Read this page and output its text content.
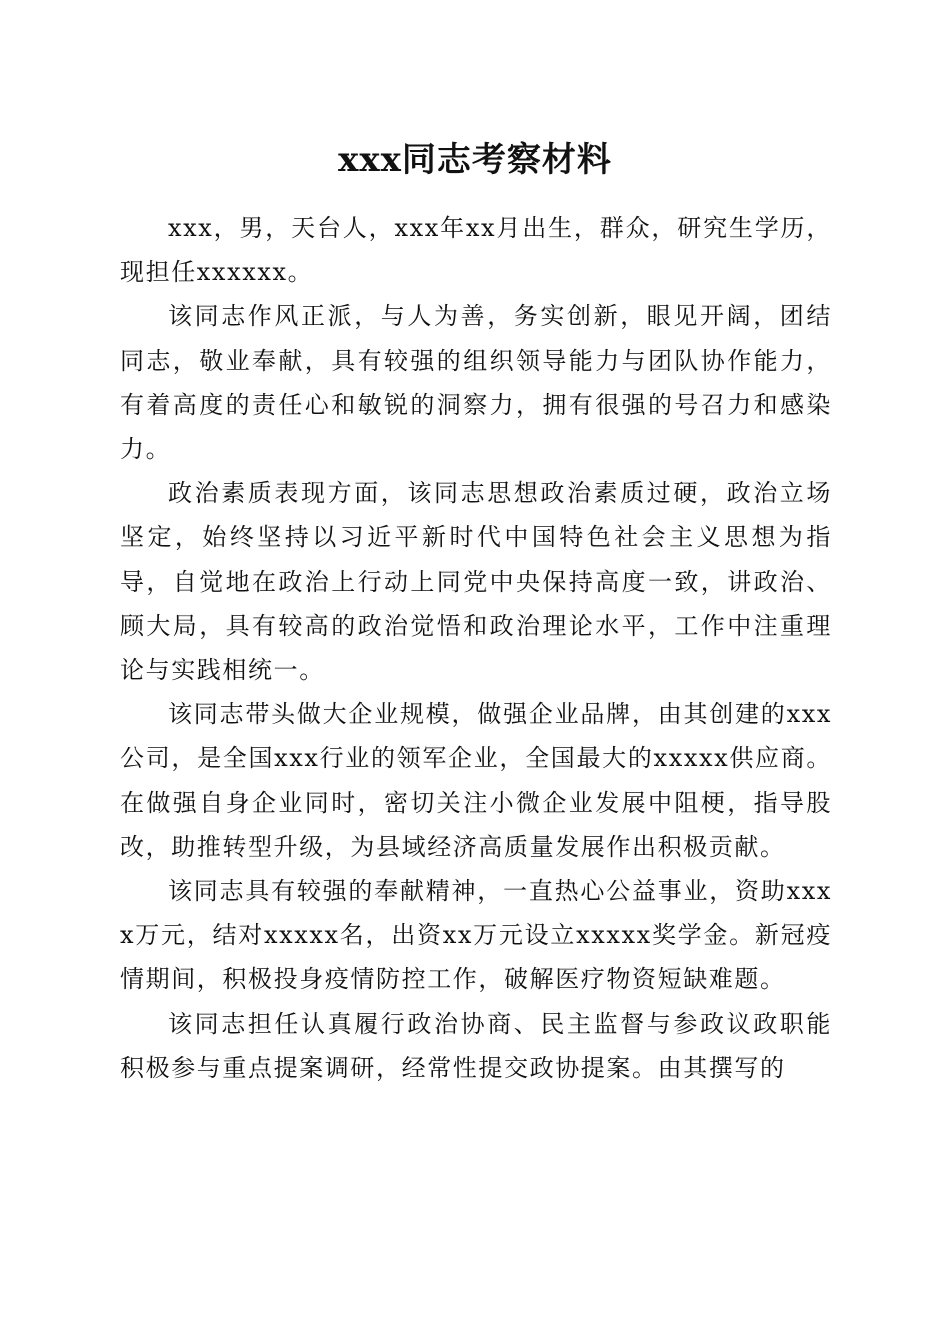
xxx同志考察材料

xxx，男，天台人，xxx年xx月出生，群众，研究生学历，现担任xxxxxx。

该同志作风正派，与人为善，务实创新，眼见开阔，团结同志，敬业奉献，具有较强的组织领导能力与团队协作能力，有着高度的责任心和敏锐的洞察力，拥有很强的号召力和感染力。

政治素质表现方面，该同志思想政治素质过硬，政治立场坚定，始终坚持以习近平新时代中国特色社会主义思想为指导，自觉地在政治上行动上同党中央保持高度一致，讲政治、顾大局，具有较高的政治觉悟和政治理论水平，工作中注重理论与实践相统一。

该同志带头做大企业规模，做强企业品牌，由其创建的xxx公司，是全国xxx行业的领军企业，全国最大的xxxxx供应商。在做强自身企业同时，密切关注小微企业发展中阻梗，指导股改，助推转型升级，为县域经济高质量发展作出积极贡献。

该同志具有较强的奉献精神，一直热心公益事业，资助xxxx万元，结对xxxxx名，出资xx万元设立xxxxx奖学金。新冠疫情期间，积极投身疫情防控工作，破解医疗物资短缺难题。

该同志担任认真履行政治协商、民主监督与参政议政职能积极参与重点提案调研，经常性提交政协提案。由其撰写的
